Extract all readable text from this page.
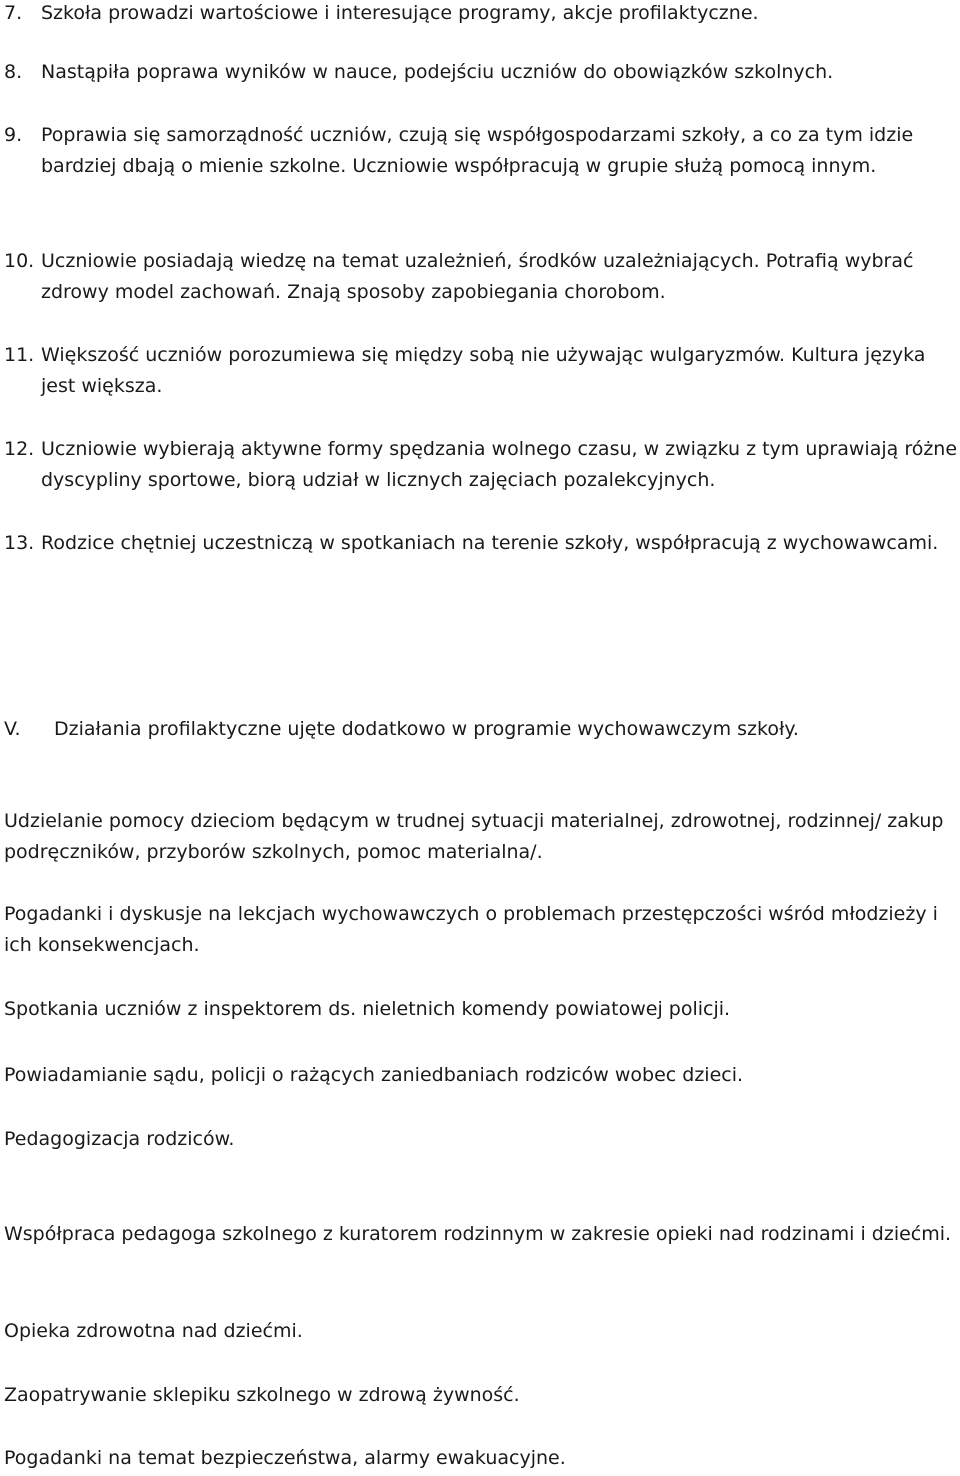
7. Szkoła prowadzi wartościowe i interesujące programy, akcje profilaktyczne.
8. Nastąpiła poprawa wyników w nauce, podejściu uczniów do obowiązków szkolnych.
9. Poprawia się samorządność uczniów, czują się współgospodarzami szkoły, a co za tym idzie bardziej dbają o mienie szkolne. Uczniowie współpracują w grupie służą pomocą innym.
10. Uczniowie posiadają wiedzę na temat uzależnień, środków uzależniających. Potrafią wybrać zdrowy model zachowań. Znają sposoby zapobiegania chorobom.
11. Większość uczniów porozumiewa się między sobą nie używając wulgaryzmów. Kultura języka jest większa.
12. Uczniowie wybierają aktywne formy spędzania wolnego czasu, w związku z tym uprawiają różne dyscypliny sportowe, biorą udział w licznych zajęciach pozalekcyjnych.
13. Rodzice chętniej uczestniczą w spotkaniach na terenie szkoły, współpracują z wychowawcami.
V.	Działania profilaktyczne ujęte dodatkowo w programie wychowawczym szkoły.
Udzielanie pomocy dzieciom będącym w trudnej sytuacji materialnej, zdrowotnej, rodzinnej/ zakup podręczników, przyborów szkolnych, pomoc materialna/.
Pogadanki i dyskusje na lekcjach wychowawczych o problemach przestępczości wśród młodzieży i ich konsekwencjach.
Spotkania uczniów z inspektorem ds. nieletnich komendy powiatowej policji.
Powiadamianie sądu, policji o rażących zaniedbaniach rodziców wobec dzieci.
Pedagogizacja rodziców.
Współpraca pedagoga szkolnego z kuratorem rodzinnym w zakresie opieki nad rodzinami i dziećmi.
Opieka zdrowotna nad dziećmi.
Zaopatrywanie sklepiku szkolnego w zdrową żywność.
Pogadanki na temat bezpieczeństwa, alarmy ewakuacyjne.
